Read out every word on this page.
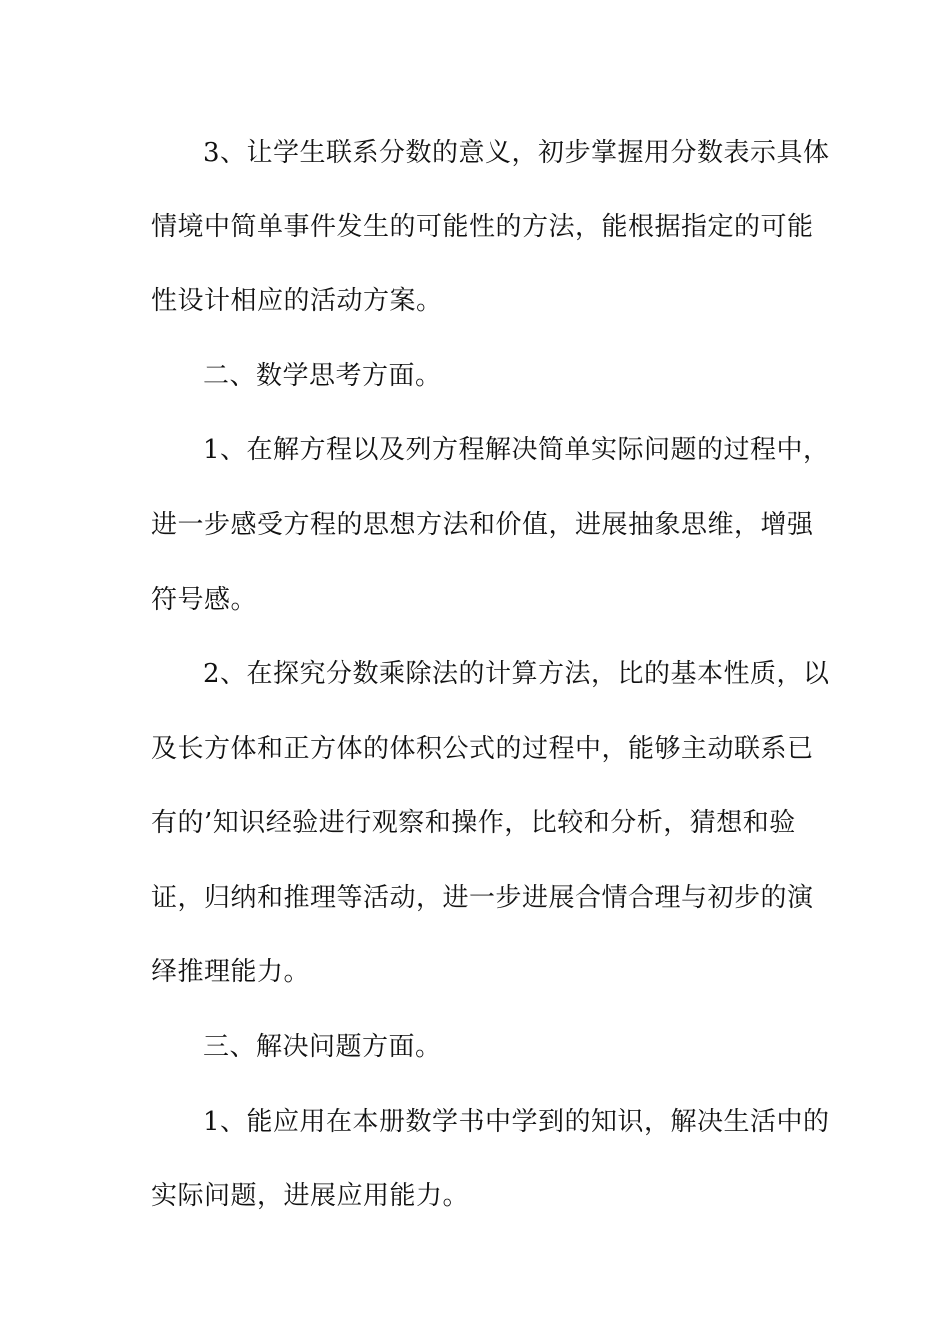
3、让学生联系分数的意义，初步掌握用分数表示具体
情境中简单事件发生的可能性的方法，能根据指定的可能
性设计相应的活动方案。
二、数学思考方面。
1、在解方程以及列方程解决简单实际问题的过程中，
进一步感受方程的思想方法和价值，进展抽象思维，增强
符号感。
2、在探究分数乘除法的计算方法，比的基本性质，以
及长方体和正方体的体积公式的过程中，能够主动联系已
有的’知识经验进行观察和操作，比较和分析，猜想和验
证，归纳和推理等活动，进一步进展合情合理与初步的演
绎推理能力。
三、解决问题方面。
1、能应用在本册数学书中学到的知识，解决生活中的
实际问题，进展应用能力。
